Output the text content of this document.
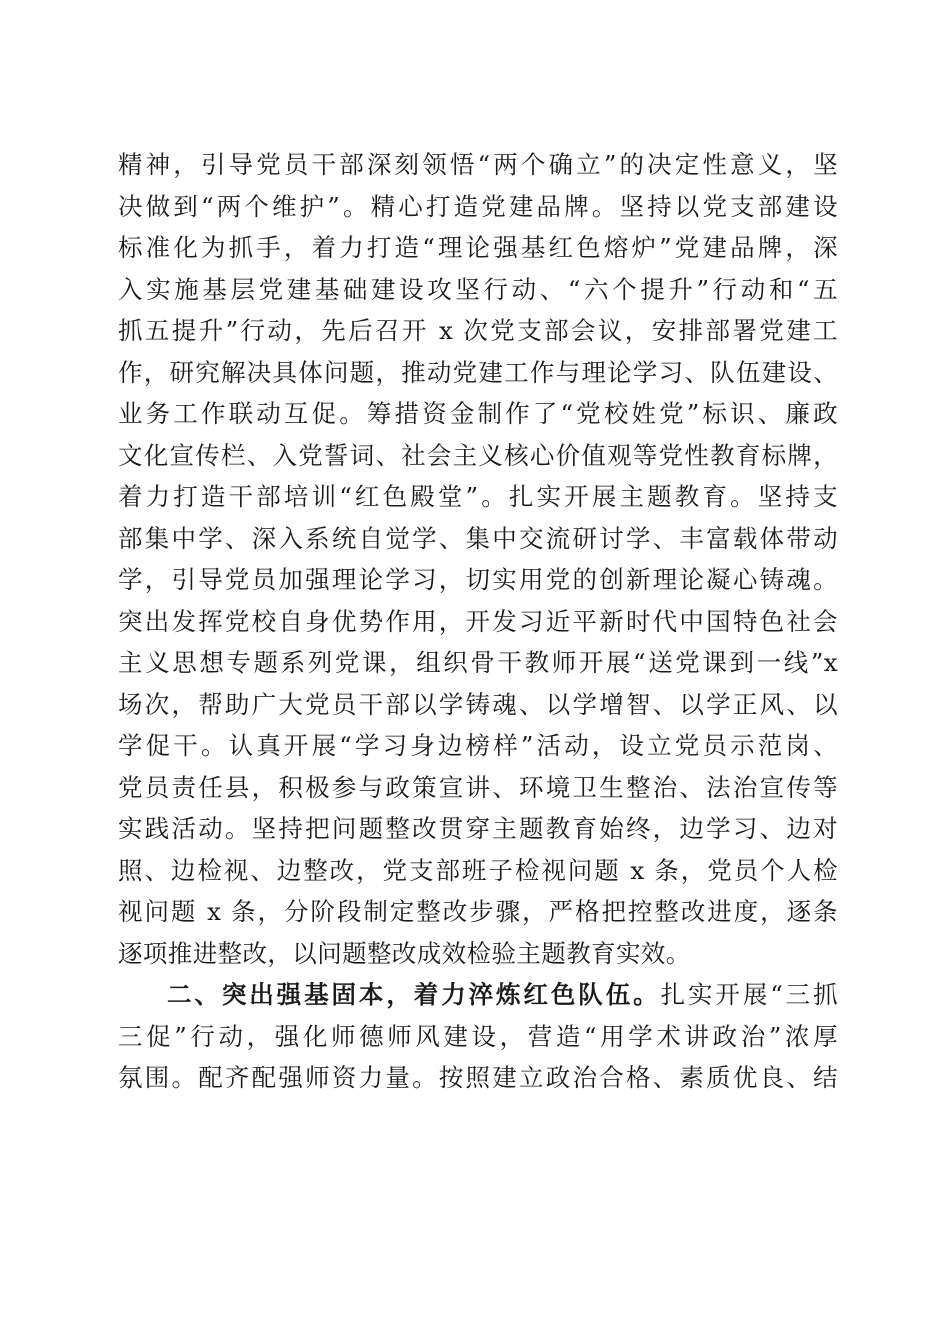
精神，引导党员干部深刻领悟“两个确立”的决定性意义，坚
决做到“两个维护”。精心打造党建品牌。坚持以党支部建设
标准化为抓手，着力打造“理论强基红色熔炉”党建品牌，深
入实施基层党建基础建设攻坚行动、“六个提升”行动和“五
抓五提升”行动，先后召开 x 次党支部会议，安排部署党建工
作，研究解决具体问题，推动党建工作与理论学习、队伍建设、
业务工作联动互促。筹措资金制作了“党校姓党”标识、廉政
文化宣传栏、入党誓词、社会主义核心价值观等党性教育标牌，
着力打造干部培训“红色殿堂”。扎实开展主题教育。坚持支
部集中学、深入系统自觉学、集中交流研讨学、丰富载体带动
学，引导党员加强理论学习，切实用党的创新理论凝心铸魂。
突出发挥党校自身优势作用，开发习近平新时代中国特色社会
主义思想专题系列党课，组织骨干教师开展“送党课到一线”x
场次，帮助广大党员干部以学铸魂、以学增智、以学正风、以
学促干。认真开展“学习身边榜样”活动，设立党员示范岗、
党员责任县，积极参与政策宣讲、环境卫生整治、法治宣传等
实践活动。坚持把问题整改贯穿主题教育始终，边学习、边对
照、边检视、边整改，党支部班子检视问题 x 条，党员个人检
视问题 x 条，分阶段制定整改步骤，严格把控整改进度，逐条
逐项推进整改，以问题整改成效检验主题教育实效。
二、突出强基固本，着力淬炼红色队伍。扎实开展“三抓
三促”行动，强化师德师风建设，营造“用学术讲政治”浓厚
氛围。配齐配强师资力量。按照建立政治合格、素质优良、结
